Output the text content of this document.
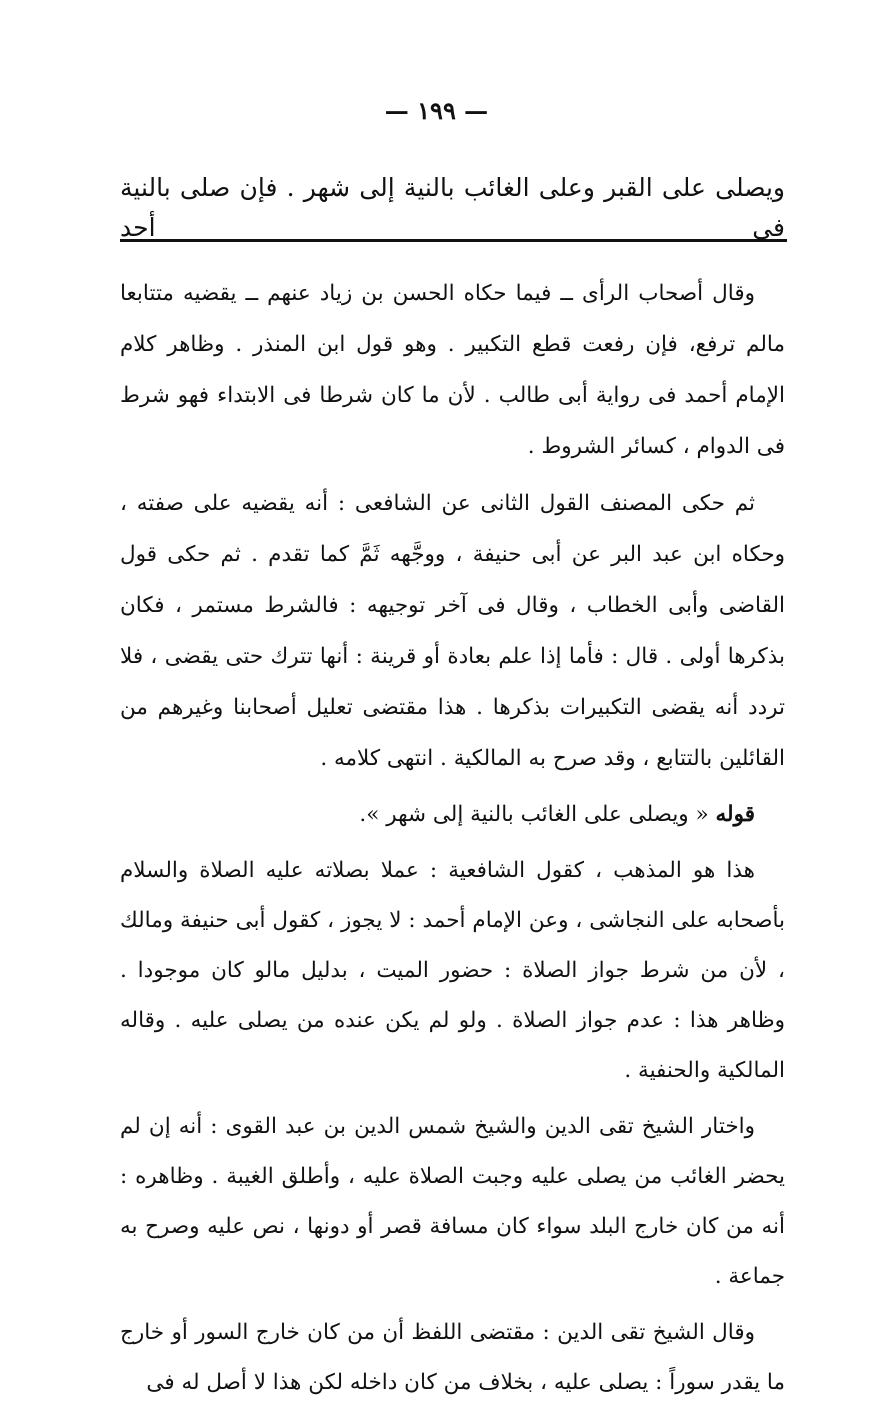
— ١٩٩ —
ويصلى على القبر وعلى الغائب بالنية إلى شهر . فإن صلى بالنية فى أحد

وقال أصحاب الرأى ــ فيما حكاه الحسن بن زياد عنهم ــ يقضيه متتابعا مالم ترفع، فإن رفعت قطع التكبير . وهو قول ابن المنذر . وظاهر كلام الإمام أحمد فى رواية أبى طالب . لأن ما كان شرطا فى الابتداء فهو شرط فى الدوام ، كسائر الشروط .

ثم حكى المصنف القول الثانى عن الشافعى : أنه يقضيه على صفته ، وحكاه ابن عبد البر عن أبى حنيفة ، ووجَّهه ثَمَّ كما تقدم . ثم حكى قول القاضى وأبى الخطاب ، وقال فى آخر توجيهه : فالشرط مستمر ، فكان بذكرها أولى . قال : فأما إذا علم بعادة أو قرينة : أنها تترك حتى يقضى ، فلا تردد أنه يقضى التكبيرات بذكرها . هذا مقتضى تعليل أصحابنا وغيرهم من القائلين بالتتابع ، وقد صرح به المالكية . انتهى كلامه .

قوله « ويصلى على الغائب بالنية إلى شهر ».

هذا هو المذهب ، كقول الشافعية : عملا بصلاته عليه الصلاة والسلام بأصحابه على النجاشى ، وعن الإمام أحمد : لا يجوز ، كقول أبى حنيفة ومالك ، لأن من شرط جواز الصلاة : حضور الميت ، بدليل مالو كان موجودا . وظاهر هذا : عدم جواز الصلاة . ولو لم يكن عنده من يصلى عليه . وقاله المالكية والحنفية .

واختار الشيخ تقى الدين والشيخ شمس الدين بن عبد القوى : أنه إن لم يحضر الغائب من يصلى عليه وجبت الصلاة عليه ، وأطلق الغيبة . وظاهره : أنه من كان خارج البلد سواء كان مسافة قصر أو دونها ، نص عليه وصرح به جماعة .

وقال الشيخ تقى الدين : مقتضى اللفظ أن من كان خارج السور أو خارج ما يقدر سوراً : يصلى عليه ، بخلاف من كان داخله لكن هذا لا أصل له فى
